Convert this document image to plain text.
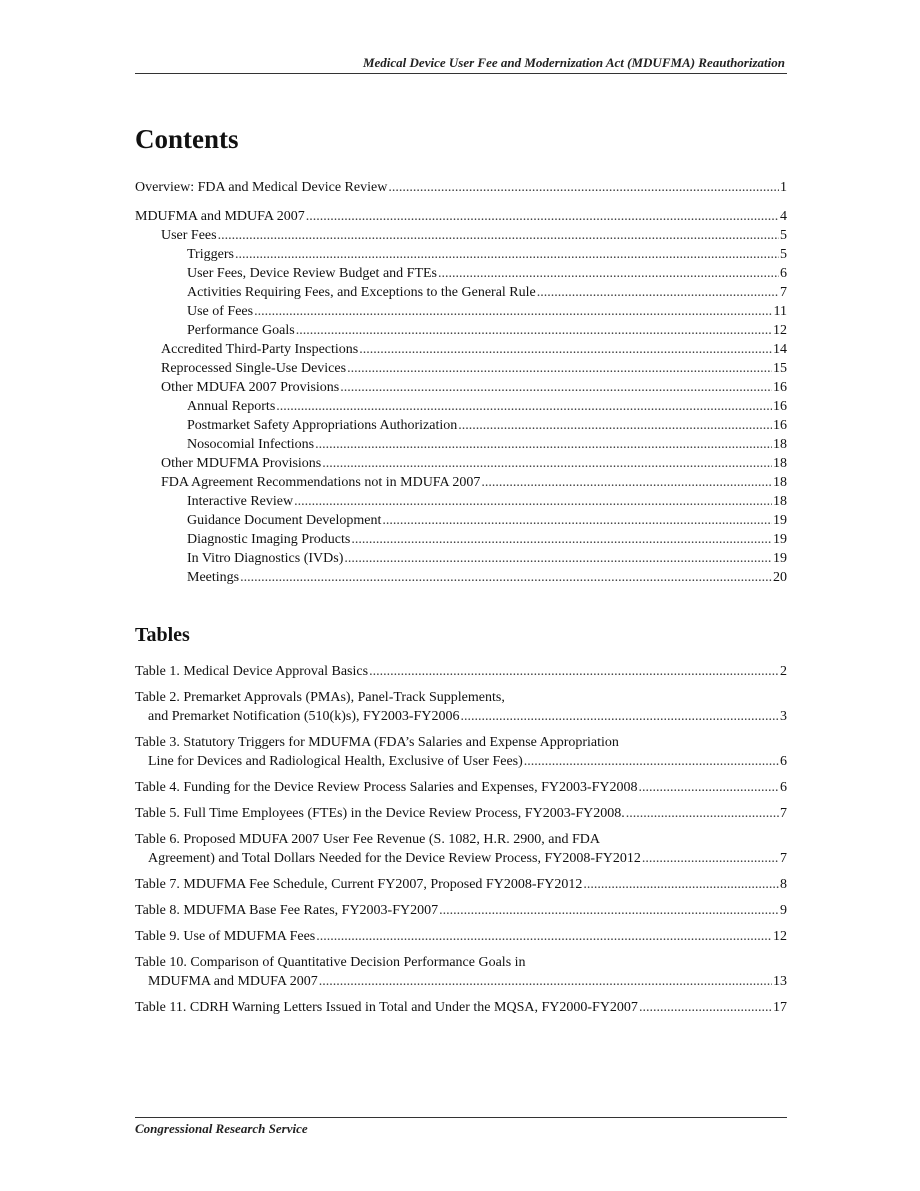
Medical Device User Fee and Modernization Act (MDUFMA) Reauthorization
Contents
Overview: FDA and Medical Device Review .....	1
MDUFMA and MDUFA 2007 .....	4
User Fees .....	5
Triggers .....	5
User Fees, Device Review Budget and FTEs .....	6
Activities Requiring Fees, and Exceptions to the General Rule .....	7
Use of Fees .....	11
Performance Goals .....	12
Accredited Third-Party Inspections .....	14
Reprocessed Single-Use Devices .....	15
Other MDUFA 2007 Provisions .....	16
Annual Reports .....	16
Postmarket Safety Appropriations Authorization .....	16
Nosocomial Infections .....	18
Other MDUFMA Provisions .....	18
FDA Agreement Recommendations not in MDUFA 2007 .....	18
Interactive Review .....	18
Guidance Document Development .....	19
Diagnostic Imaging Products .....	19
In Vitro Diagnostics (IVDs) .....	19
Meetings .....	20
Tables
Table 1. Medical Device Approval Basics .....	2
Table 2. Premarket Approvals (PMAs), Panel-Track Supplements,
and Premarket Notification (510(k)s), FY2003-FY2006 .....	3
Table 3. Statutory Triggers for MDUFMA (FDA’s Salaries and Expense Appropriation
Line for Devices and Radiological Health, Exclusive of User Fees) .....	6
Table 4. Funding for the Device Review Process Salaries and Expenses, FY2003-FY2008 .....	6
Table 5. Full Time Employees (FTEs) in the Device Review Process, FY2003-FY2008. .....	7
Table 6. Proposed MDUFA 2007 User Fee Revenue (S. 1082, H.R. 2900, and FDA
Agreement) and Total Dollars Needed for the Device Review Process, FY2008-FY2012 .....	7
Table 7. MDUFMA Fee Schedule, Current FY2007, Proposed FY2008-FY2012 .....	8
Table 8. MDUFMA Base Fee Rates, FY2003-FY2007 .....	9
Table 9. Use of MDUFMA Fees .....	12
Table 10. Comparison of Quantitative Decision Performance Goals in
MDUFMA and MDUFA 2007 .....	13
Table 11. CDRH Warning Letters Issued in Total and Under the MQSA, FY2000-FY2007 .....	17
Congressional Research Service
